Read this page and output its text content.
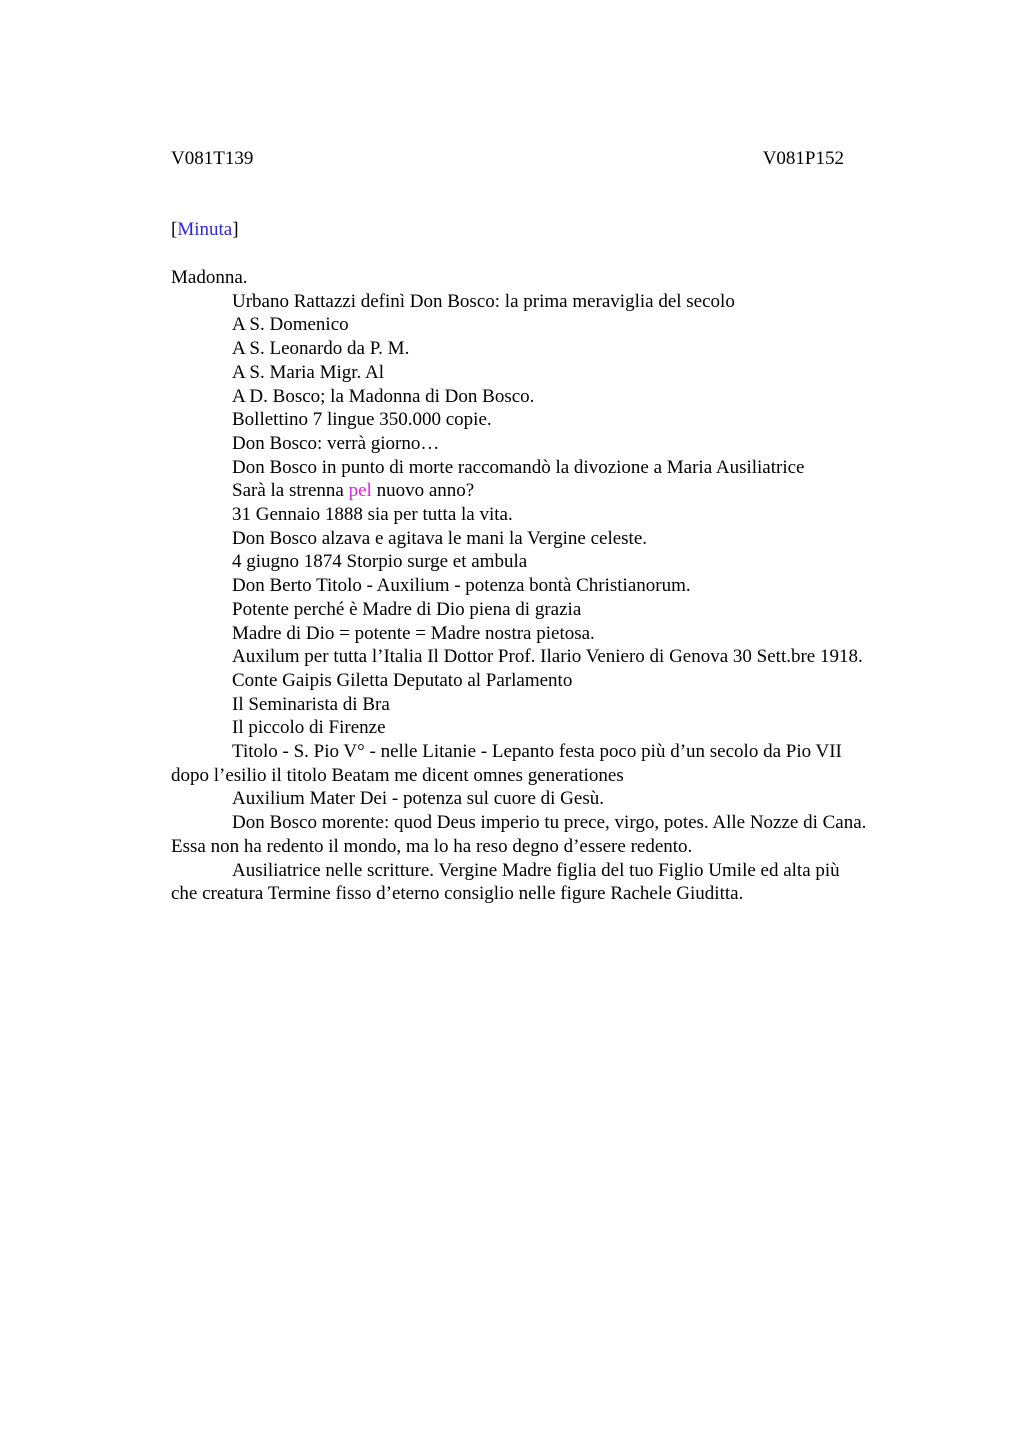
V081T139	V081P152
[Minuta]

Madonna.

Urbano Rattazzi definì Don Bosco: la prima meraviglia del secolo

A S. Domenico

A S. Leonardo da P. M.

A S. Maria Migr. Al

A D. Bosco; la Madonna di Don Bosco.

Bollettino 7 lingue 350.000 copie.

Don Bosco: verrà giorno…

Don Bosco in punto di morte raccomandò la divozione a Maria Ausiliatrice

Sarà la strenna pel nuovo anno?

31 Gennaio 1888 sia per tutta la vita.

Don Bosco alzava e agitava le mani la Vergine celeste.

4 giugno 1874 Storpio surge et ambula

Don Berto Titolo - Auxilium - potenza bontà Christianorum.

Potente perché è Madre di Dio piena di grazia

Madre di Dio = potente = Madre nostra pietosa.

Auxilum per tutta l’Italia Il Dottor Prof. Ilario Veniero di Genova 30 Sett.bre 1918.

Conte Gaipis Giletta Deputato al Parlamento

Il Seminarista di Bra

Il piccolo di Firenze

Titolo - S. Pio V° - nelle Litanie - Lepanto festa poco più d’un secolo da Pio VII

dopo l’esilio il titolo Beatam me dicent omnes generationes

Auxilium Mater Dei - potenza sul cuore di Gesù.

Don Bosco morente: quod Deus imperio tu prece, virgo, potes. Alle Nozze di Cana.

Essa non ha redento il mondo, ma lo ha reso degno d’essere redento.

Ausiliatrice nelle scritture. Vergine Madre figlia del tuo Figlio Umile ed alta più

che creatura Termine fisso d’eterno consiglio nelle figure Rachele Giuditta.
